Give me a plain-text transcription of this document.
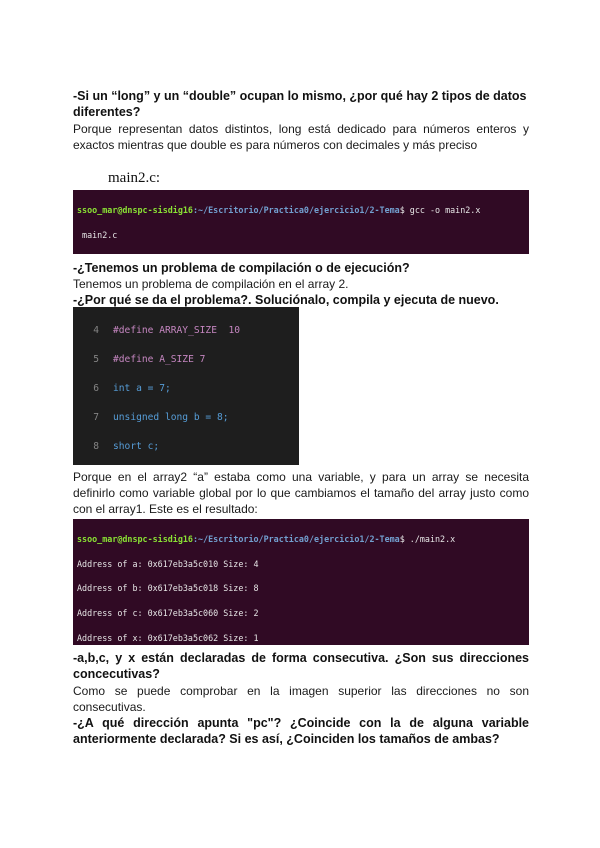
-Si un “long” y un “double” ocupan lo mismo, ¿por qué hay 2 tipos de datos diferentes?
Porque representan datos distintos, long está dedicado para números enteros y exactos mientras que double es para números con decimales y más preciso
main2.c:

ssoo_mar@dnspc-sisdig16:~/Escritorio/Practica0/ejercicio1/2-Tema$ gcc -o main2.x

main2.c

-¿Tenemos un problema de compilación o de ejecución?
Tenemos un problema de compilación en el array 2.
-¿Por qué se da el problema?. Soluciónalo, compila y ejecuta de nuevo.

4 #define ARRAY_SIZE  10

5 #define A_SIZE 7

6 int a = 7;

7 unsigned long b = 8;

8 short c;

Porque en el array2 “a” estaba como una variable, y para un array se necesita definirlo como variable global por lo que cambiamos el tamaño del array justo como con el array1. Este es el resultado:

ssoo_mar@dnspc-sisdig16:~/Escritorio/Practica0/ejercicio1/2-Tema$ ./main2.x

Address of a: 0x617eb3a5c010 Size: 4

Address of b: 0x617eb3a5c018 Size: 8

Address of c: 0x617eb3a5c060 Size: 2

Address of x: 0x617eb3a5c062 Size: 1

-a,b,c, y x están declaradas de forma consecutiva. ¿Son sus direcciones concecutivas?
Como se puede comprobar en la imagen superior las direcciones no son consecutivas.
-¿A qué dirección apunta "pc"? ¿Coincide con la de alguna variable anteriormente declarada? Si es así, ¿Coinciden los tamaños de ambas?
